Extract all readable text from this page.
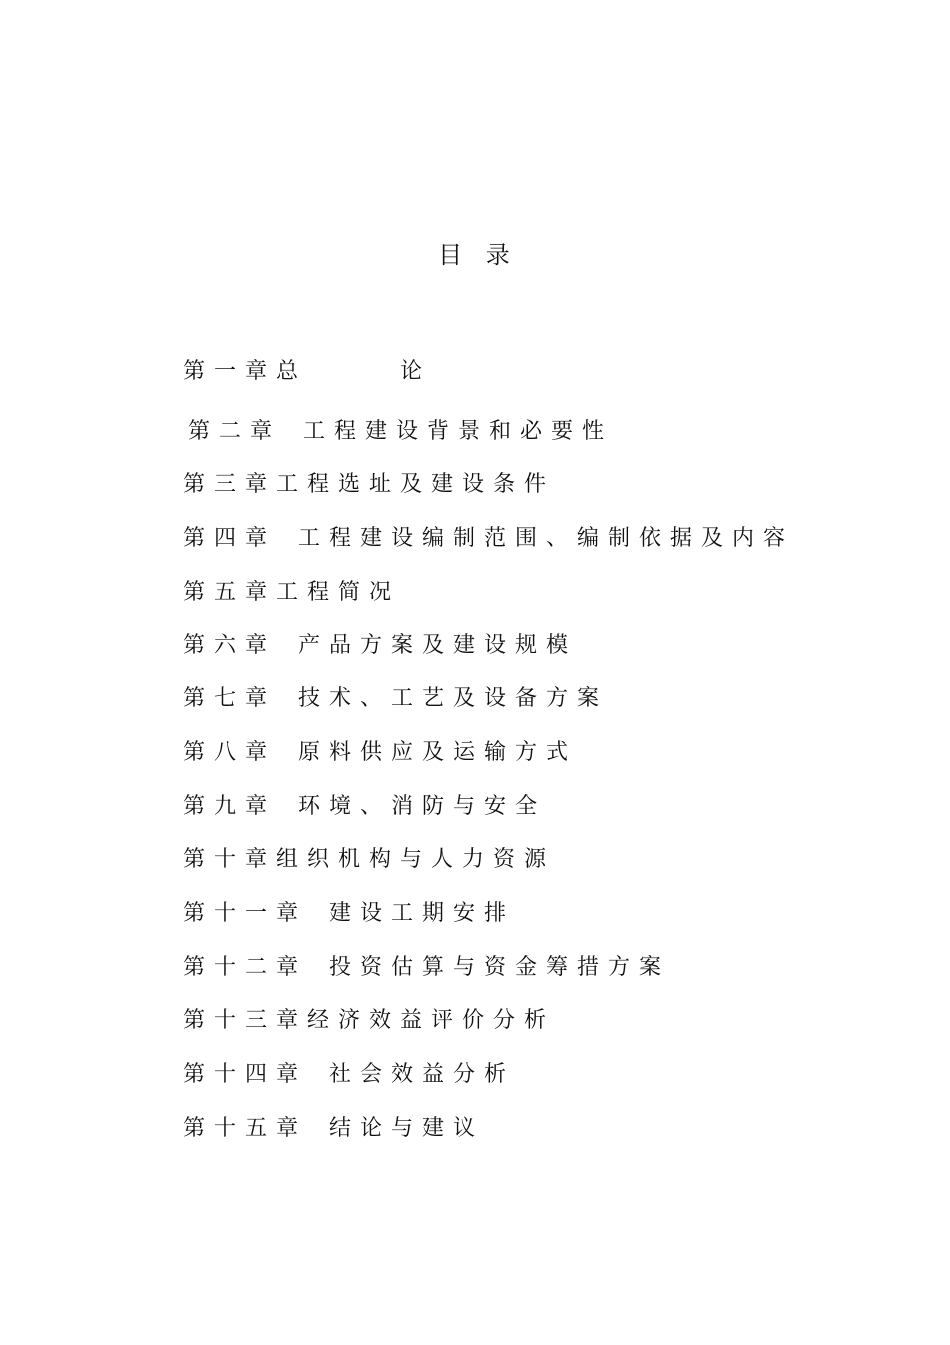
目 录
第一章总　　　论
第二章 工程建设背景和必要性
第三章工程选址及建设条件
第四章 工程建设编制范围、编制依据及内容
第五章工程简况
第六章 产品方案及建设规模
第七章 技术、工艺及设备方案
第八章 原料供应及运输方式
第九章 环境、消防与安全
第十章组织机构与人力资源
第十一章 建设工期安排
第十二章 投资估算与资金筹措方案
第十三章经济效益评价分析
第十四章 社会效益分析
第十五章 结论与建议
